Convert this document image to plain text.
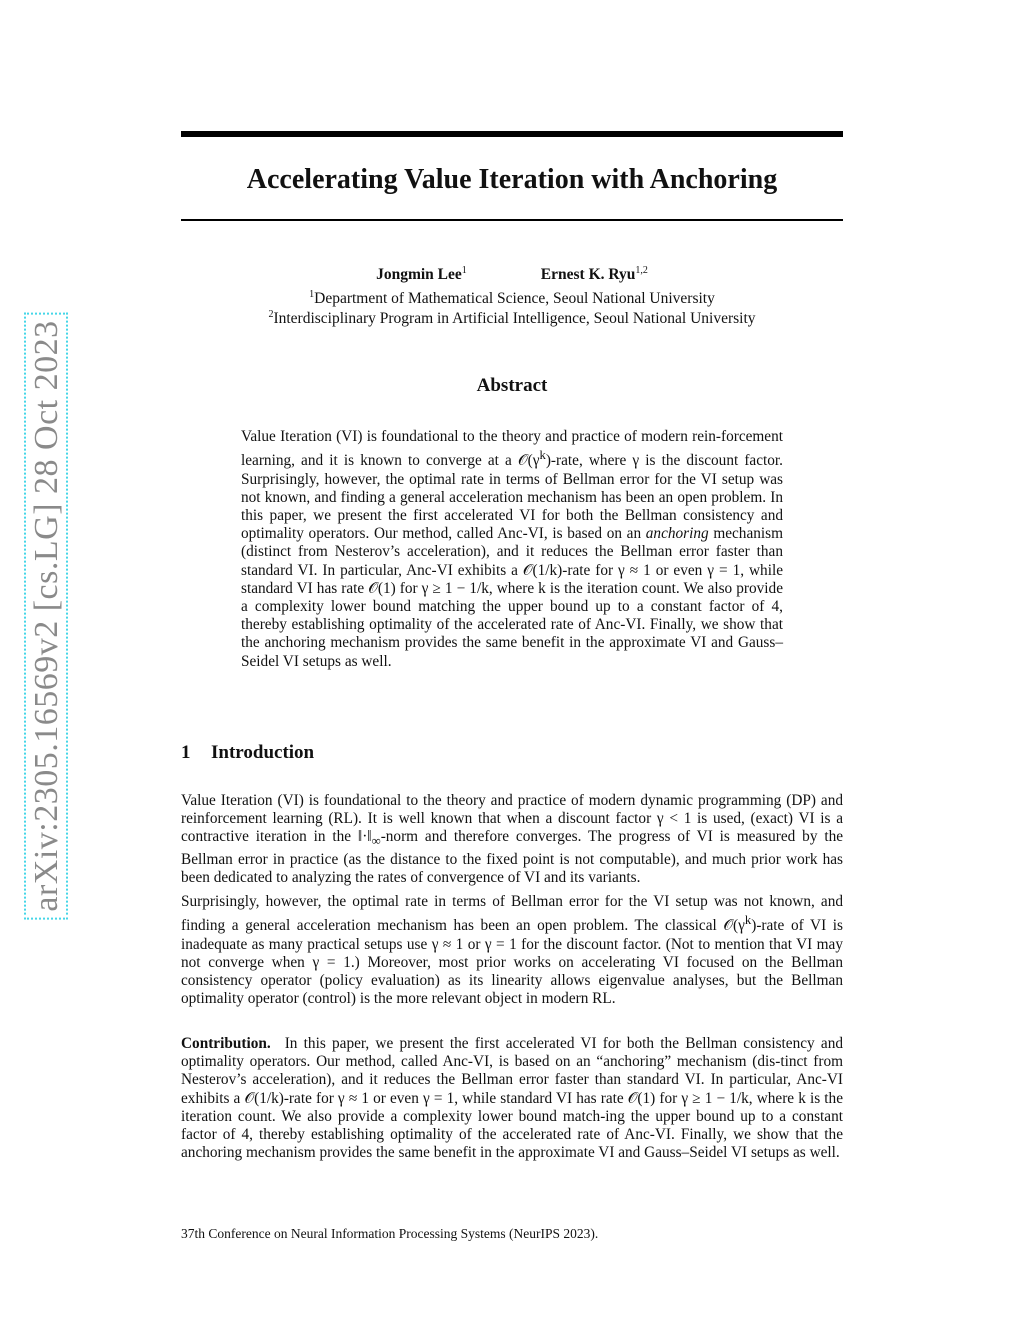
arXiv:2305.16569v2 [cs.LG] 28 Oct 2023
Accelerating Value Iteration with Anchoring
Jongmin Lee$^1$	Ernest K. Ryu$^{1,2}$

$^1$Department of Mathematical Science, Seoul National University

$^2$Interdisciplinary Program in Artificial Intelligence, Seoul National University

Abstract

Value Iteration (VI) is foundational to the theory and practice of modern rein-forcement learning, and it is known to converge at a $𝒪(\gamma^k)$-rate, where γ is the discount factor. Surprisingly, however, the optimal rate in terms of Bellman error for the VI setup was not known, and finding a general acceleration mechanism has been an open problem. In this paper, we present the first accelerated VI for both the Bellman consistency and optimality operators. Our method, called Anc-VI, is based on an anchoring mechanism (distinct from Nesterov’s acceleration), and it reduces the Bellman error faster than standard VI. In particular, Anc-VI exhibits a 𝒪(1/k)-rate for γ ≈ 1 or even γ = 1, while standard VI has rate 𝒪(1) for γ ≥ 1 − 1/k, where k is the iteration count. We also provide a complexity lower bound matching the upper bound up to a constant factor of 4, thereby establishing optimality of the accelerated rate of Anc-VI. Finally, we show that the anchoring mechanism provides the same benefit in the approximate VI and Gauss–Seidel VI setups as well.

1 Introduction

Value Iteration (VI) is foundational to the theory and practice of modern dynamic programming (DP) and reinforcement learning (RL). It is well known that when a discount factor γ < 1 is used, (exact) VI is a contractive iteration in the $‖\cdot‖_\infty$-norm and therefore converges. The progress of VI is measured by the Bellman error in practice (as the distance to the fixed point is not computable), and much prior work has been dedicated to analyzing the rates of convergence of VI and its variants.

Surprisingly, however, the optimal rate in terms of Bellman error for the VI setup was not known, and finding a general acceleration mechanism has been an open problem. The classical $𝒪(\gamma^k)$-rate of VI is inadequate as many practical setups use γ ≈ 1 or γ = 1 for the discount factor. (Not to mention that VI may not converge when γ = 1.) Moreover, most prior works on accelerating VI focused on the Bellman consistency operator (policy evaluation) as its linearity allows eigenvalue analyses, but the Bellman optimality operator (control) is the more relevant object in modern RL.

Contribution. In this paper, we present the first accelerated VI for both the Bellman consistency and optimality operators. Our method, called Anc-VI, is based on an “anchoring” mechanism (dis-tinct from Nesterov’s acceleration), and it reduces the Bellman error faster than standard VI. In particular, Anc-VI exhibits a 𝒪(1/k)-rate for γ ≈ 1 or even γ = 1, while standard VI has rate 𝒪(1) for γ ≥ 1 − 1/k, where k is the iteration count. We also provide a complexity lower bound match-ing the upper bound up to a constant factor of 4, thereby establishing optimality of the accelerated rate of Anc-VI. Finally, we show that the anchoring mechanism provides the same benefit in the approximate VI and Gauss–Seidel VI setups as well.

37th Conference on Neural Information Processing Systems (NeurIPS 2023).
